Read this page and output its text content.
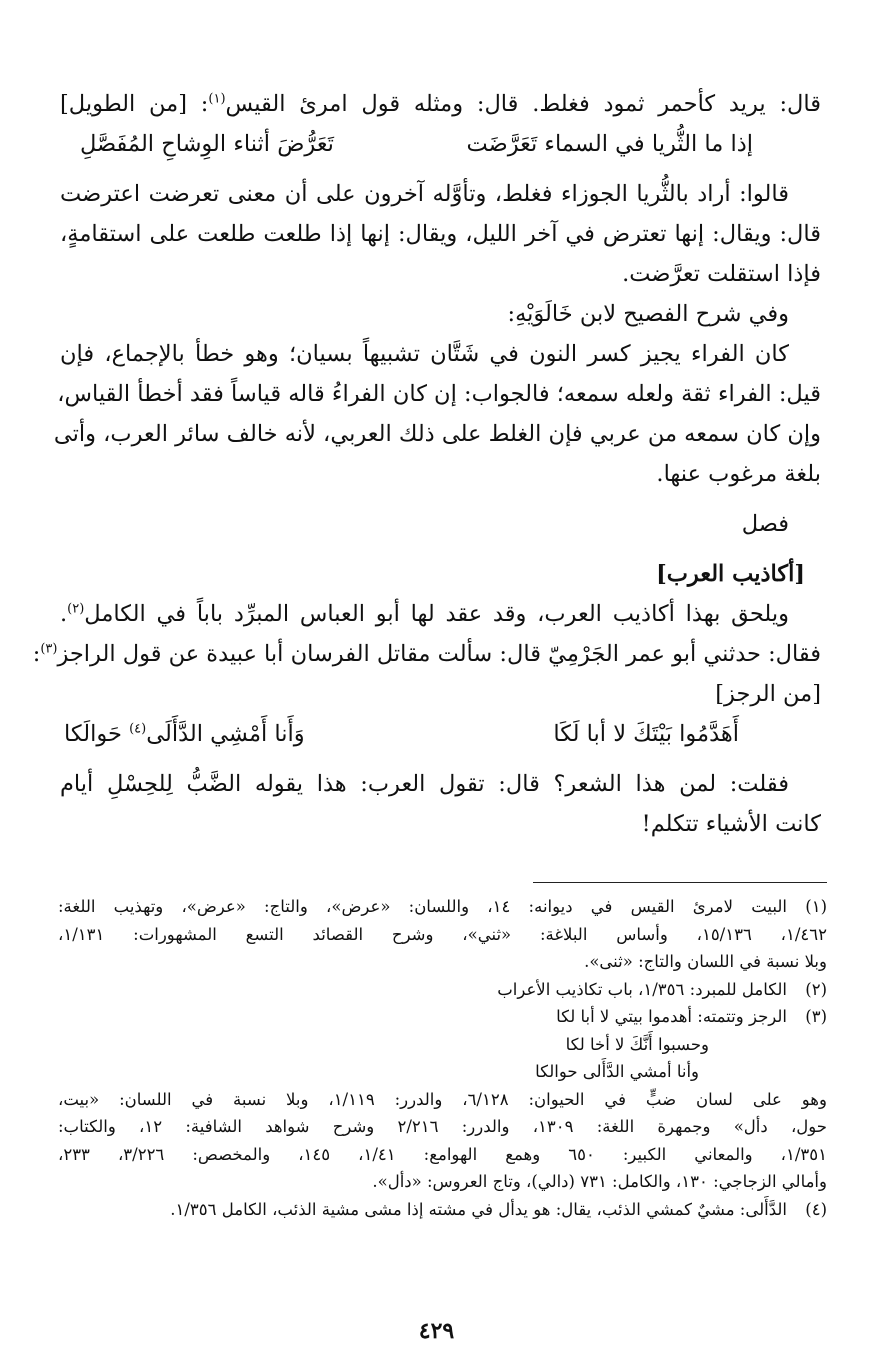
قال: يريد كأحمر ثمود فغلط. قال: ومثله قول امرئ القيس$^{(١)}$: [من الطويل]
إذا ما الثُّريا في السماء تَعَرَّضَت
تَعَرُّضَ أثناء الوِشاحِ المُفَصَّلِ
قالوا: أراد بالثُّريا الجوزاء فغلط، وتأوَّله آخرون على أن معنى تعرضت اعترضت
قال: ويقال: إنها تعترض في آخر الليل، ويقال: إنها إذا طلعت طلعت على استقامةٍ،
فإذا استقلت تعرَّضت.
وفي شرح الفصيح لابن خَالَوَيْهِ:
كان الفراء يجيز كسر النون في شَتَّان تشبيهاً بسيان؛ وهو خطأ بالإجماع، فإن
قيل: الفراء ثقة ولعله سمعه؛ فالجواب: إن كان الفراءُ قاله قياساً فقد أخطأ القياس،
وإن كان سمعه من عربي فإن الغلط على ذلك العربي، لأنه خالف سائر العرب، وأتى
بلغة مرغوب عنها.
فصل
[أكاذيب العرب]
ويلحق بهذا أكاذيب العرب، وقد عقد لها أبو العباس المبرِّد باباً في الكامل$^{(٢)}$.
فقال: حدثني أبو عمر الجَرْمِيّ قال: سألت مقاتل الفرسان أبا عبيدة عن قول الراجز$^{(٣)}$:
[من الرجز]
أَهَدَّمُوا بَيْتَكَ لا أبا لَكَا
وَأَنا أَمْشِي الدَّأَلَى$^{(٤)}$ حَوالَكا
فقلت: لمن هذا الشعر؟ قال: تقول العرب: هذا يقوله الضَّبُّ لِلحِسْلِ أيام
كانت الأشياء تتكلم!
(١)
البيت لامرئ القيس في ديوانه: ١٤، واللسان: «عرض»، والتاج: «عرض»، وتهذيب اللغة:
١/٤٦٢، ١٥/١٣٦، وأساس البلاغة: «ثني»، وشرح القصائد التسع المشهورات: ١/١٣١،
وبلا نسبة في اللسان والتاج: «ثنى».
(٢)
الكامل للمبرد: ١/٣٥٦، باب تكاذيب الأعراب
(٣)
الرجز وتتمته: أهدموا بيتي لا أبا لكا
وحسبوا أَنَّكَ لا أخا لكا
وأنا أمشي الدَّأَلى حوالكا
وهو على لسان ضبٍّ في الحيوان: ٦/١٢٨، والدرر: ١/١١٩، وبلا نسبة في اللسان: «بيت،
حول، دأل» وجمهرة اللغة: ١٣٠٩، والدرر: ٢/٢١٦ وشرح شواهد الشافية: ١٢، والكتاب:
١/٣٥١، والمعاني الكبير: ٦٥٠ وهمع الهوامع: ١/٤١، ١٤٥، والمخصص: ٣/٢٢٦، ٢٣٣،
وأمالي الزجاجي: ١٣٠، والكامل: ٧٣١ (دالي)، وتاج العروس: «دأل».
(٤)
الدَّأَلى: مشيٌ كمشي الذئب، يقال: هو يدأل في مشته إذا مشى مشية الذئب، الكامل ١/٣٥٦.
٤٢٩
